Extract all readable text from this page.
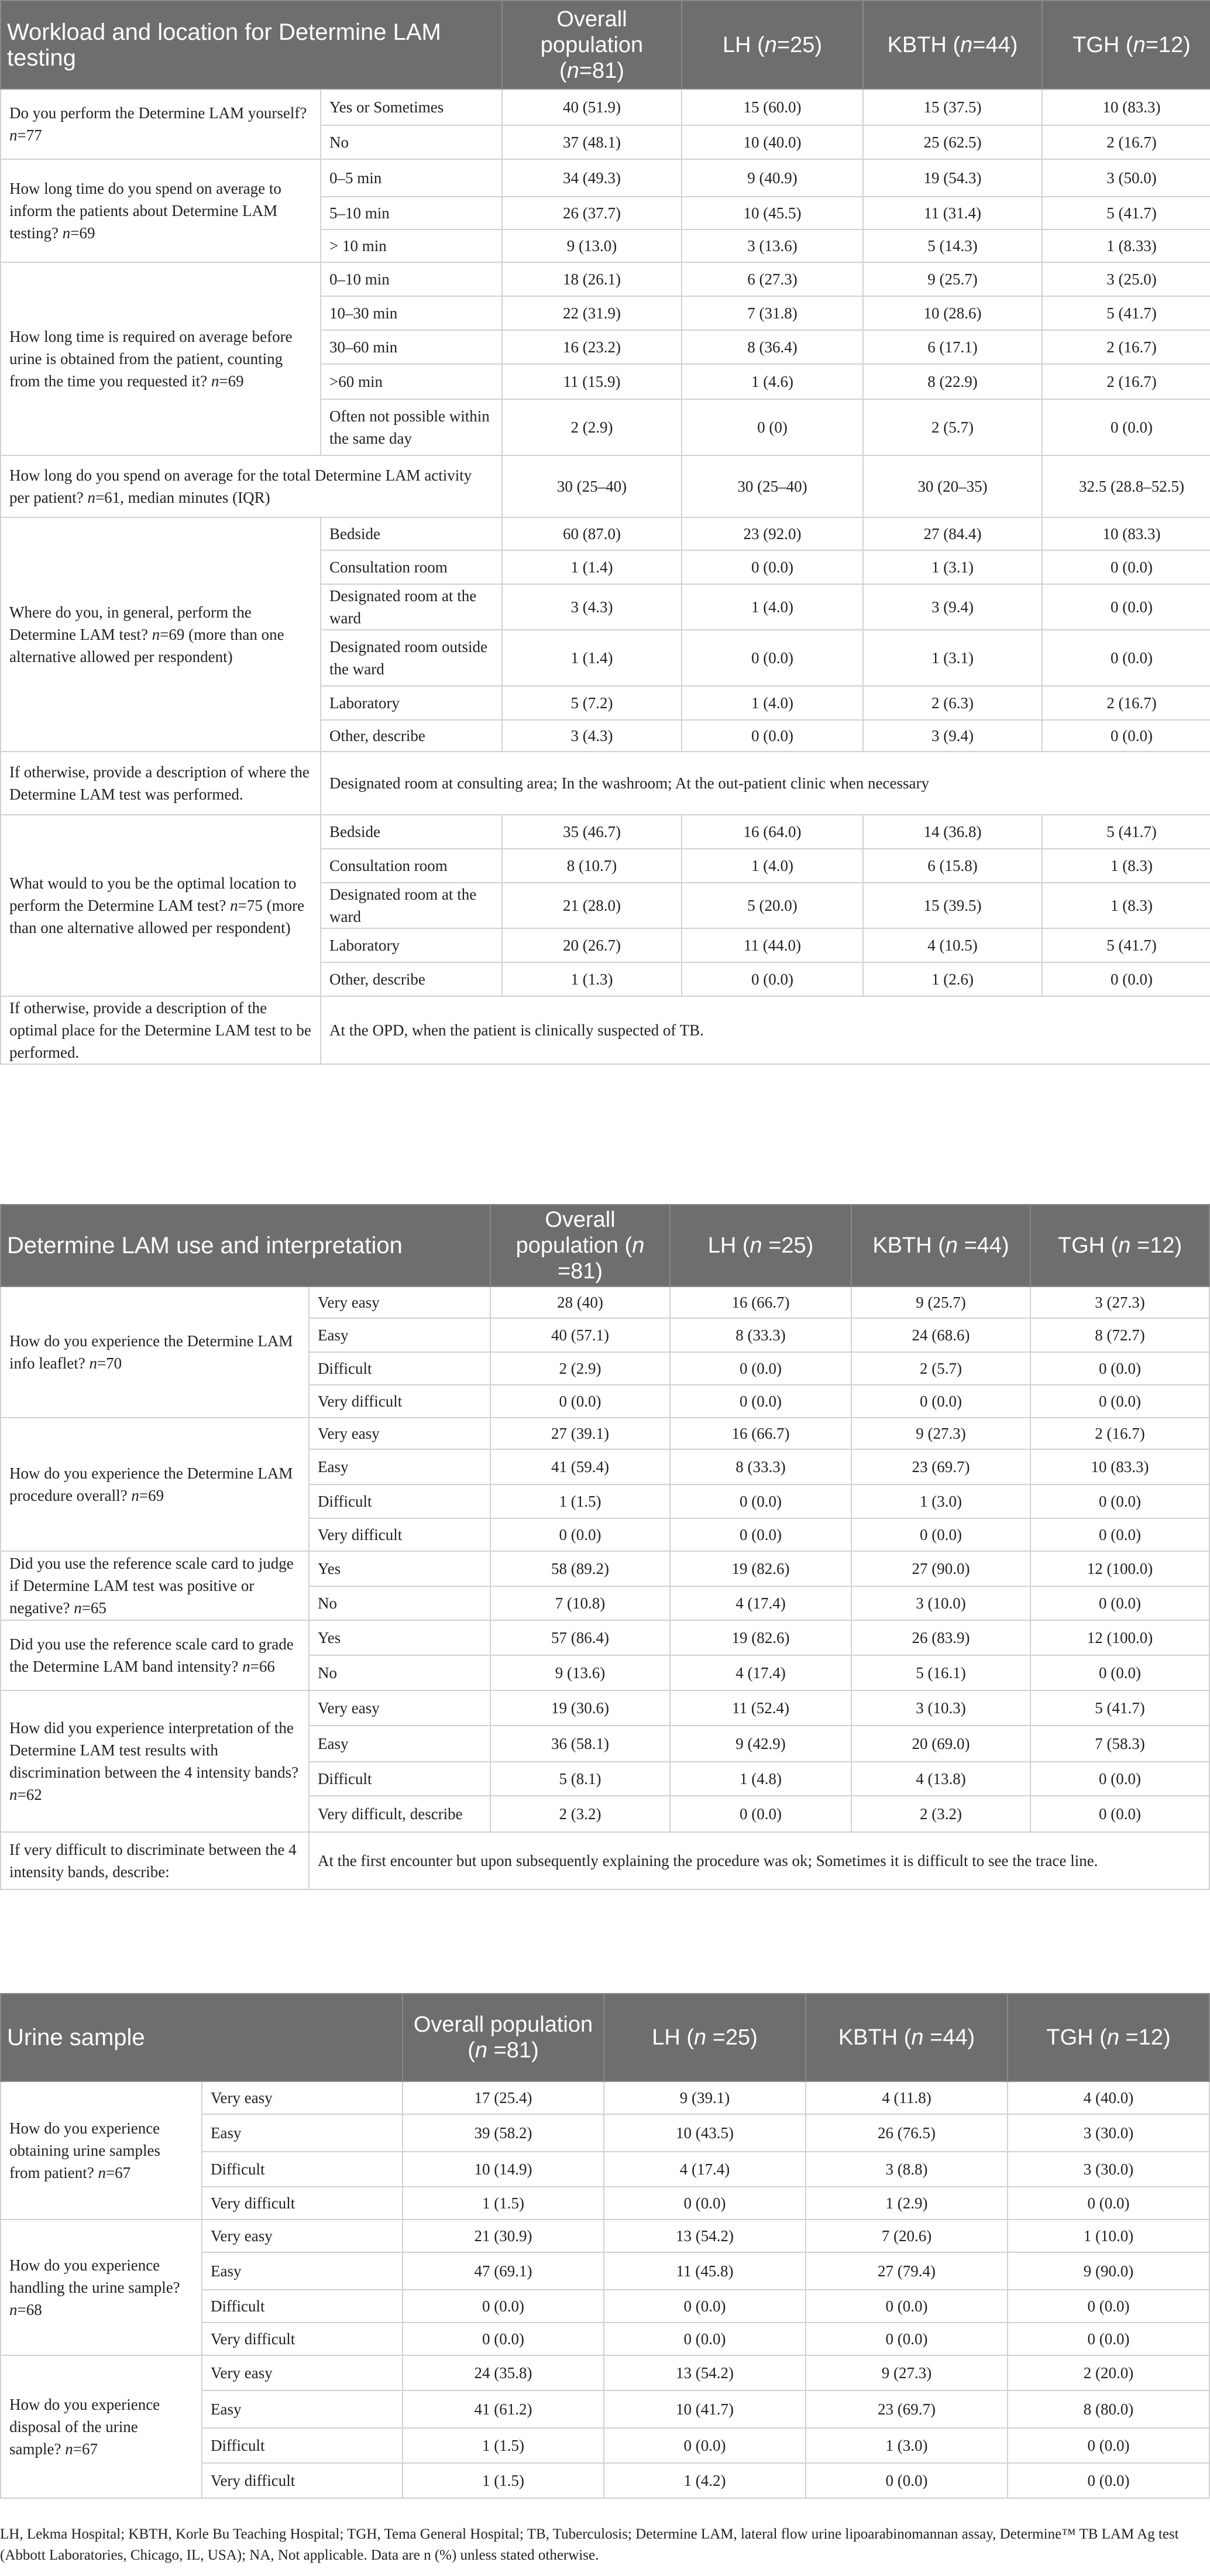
Workload and location for Determine LAM testing		Overall population (n=81)	LH (n=25)	KBTH (n=44)	TGH (n=12)
Do you perform the Determine LAM yourself? n=77	Yes or Sometimes	40 (51.9)	15 (60.0)	15 (37.5)	10 (83.3)
	No	37 (48.1)	10 (40.0)	25 (62.5)	2 (16.7)
How long time do you spend on average to inform the patients about Determine LAM testing? n=69	0–5 min	34 (49.3)	9 (40.9)	19 (54.3)	3 (50.0)
	5–10 min	26 (37.7)	10 (45.5)	11 (31.4)	5 (41.7)
	> 10 min	9 (13.0)	3 (13.6)	5 (14.3)	1 (8.33)
How long time is required on average before urine is obtained from the patient, counting from the time you requested it? n=69	0–10 min	18 (26.1)	6 (27.3)	9 (25.7)	3 (25.0)
	10–30 min	22 (31.9)	7 (31.8)	10 (28.6)	5 (41.7)
	30–60 min	16 (23.2)	8 (36.4)	6 (17.1)	2 (16.7)
	>60 min	11 (15.9)	1 (4.6)	8 (22.9)	2 (16.7)
	Often not possible within the same day	2 (2.9)	0 (0)	2 (5.7)	0 (0.0)
How long do you spend on average for the total Determine LAM activity per patient? n=61, median minutes (IQR)		30 (25–40)	30 (25–40)	30 (20–35)	32.5 (28.8–52.5)
Where do you, in general, perform the Determine LAM test? n=69 (more than one alternative allowed per respondent)	Bedside	60 (87.0)	23 (92.0)	27 (84.4)	10 (83.3)
	Consultation room	1 (1.4)	0 (0.0)	1 (3.1)	0 (0.0)
	Designated room at the ward	3 (4.3)	1 (4.0)	3 (9.4)	0 (0.0)
	Designated room outside the ward	1 (1.4)	0 (0.0)	1 (3.1)	0 (0.0)
	Laboratory	5 (7.2)	1 (4.0)	2 (6.3)	2 (16.7)
	Other, describe	3 (4.3)	0 (0.0)	3 (9.4)	0 (0.0)
If otherwise, provide a description of where the Determine LAM test was performed.	Designated room at consulting area; In the washroom; At the out-patient clinic when necessary				
What would to you be the optimal location to perform the Determine LAM test? n=75 (more than one alternative allowed per respondent)	Bedside	35 (46.7)	16 (64.0)	14 (36.8)	5 (41.7)
	Consultation room	8 (10.7)	1 (4.0)	6 (15.8)	1 (8.3)
	Designated room at the ward	21 (28.0)	5 (20.0)	15 (39.5)	1 (8.3)
	Laboratory	20 (26.7)	11 (44.0)	4 (10.5)	5 (41.7)
	Other, describe	1 (1.3)	0 (0.0)	1 (2.6)	0 (0.0)
If otherwise, provide a description of the optimal place for the Determine LAM test to be performed.	At the OPD, when the patient is clinically suspected of TB.				
Determine LAM use and interpretation		Overall population (n =81)	LH (n =25)	KBTH (n =44)	TGH (n =12)
How do you experience the Determine LAM info leaflet? n=70	Very easy	28 (40)	16 (66.7)	9 (25.7)	3 (27.3)
	Easy	40 (57.1)	8 (33.3)	24 (68.6)	8 (72.7)
	Difficult	2 (2.9)	0 (0.0)	2 (5.7)	0 (0.0)
	Very difficult	0 (0.0)	0 (0.0)	0 (0.0)	0 (0.0)
How do you experience the Determine LAM procedure overall? n=69	Very easy	27 (39.1)	16 (66.7)	9 (27.3)	2 (16.7)
	Easy	41 (59.4)	8 (33.3)	23 (69.7)	10 (83.3)
	Difficult	1 (1.5)	0 (0.0)	1 (3.0)	0 (0.0)
	Very difficult	0 (0.0)	0 (0.0)	0 (0.0)	0 (0.0)
Did you use the reference scale card to judge if Determine LAM test was positive or negative? n=65	Yes	58 (89.2)	19 (82.6)	27 (90.0)	12 (100.0)
	No	7 (10.8)	4 (17.4)	3 (10.0)	0 (0.0)
Did you use the reference scale card to grade the Determine LAM band intensity? n=66	Yes	57 (86.4)	19 (82.6)	26 (83.9)	12 (100.0)
	No	9 (13.6)	4 (17.4)	5 (16.1)	0 (0.0)
How did you experience interpretation of the Determine LAM test results with discrimination between the 4 intensity bands? n=62	Very easy	19 (30.6)	11 (52.4)	3 (10.3)	5 (41.7)
	Easy	36 (58.1)	9 (42.9)	20 (69.0)	7 (58.3)
	Difficult	5 (8.1)	1 (4.8)	4 (13.8)	0 (0.0)
	Very difficult, describe	2 (3.2)	0 (0.0)	2 (3.2)	0 (0.0)
If very difficult to discriminate between the 4 intensity bands, describe:	At the first encounter but upon subsequently explaining the procedure was ok; Sometimes it is difficult to see the trace line.				
Urine sample		Overall population (n =81)	LH (n =25)	KBTH (n =44)	TGH (n =12)
How do you experience obtaining urine samples from patient? n=67	Very easy	17 (25.4)	9 (39.1)	4 (11.8)	4 (40.0)
	Easy	39 (58.2)	10 (43.5)	26 (76.5)	3 (30.0)
	Difficult	10 (14.9)	4 (17.4)	3 (8.8)	3 (30.0)
	Very difficult	1 (1.5)	0 (0.0)	1 (2.9)	0 (0.0)
How do you experience handling the urine sample? n=68	Very easy	21 (30.9)	13 (54.2)	7 (20.6)	1 (10.0)
	Easy	47 (69.1)	11 (45.8)	27 (79.4)	9 (90.0)
	Difficult	0 (0.0)	0 (0.0)	0 (0.0)	0 (0.0)
	Very difficult	0 (0.0)	0 (0.0)	0 (0.0)	0 (0.0)
How do you experience disposal of the urine sample? n=67	Very easy	24 (35.8)	13 (54.2)	9 (27.3)	2 (20.0)
	Easy	41 (61.2)	10 (41.7)	23 (69.7)	8 (80.0)
	Difficult	1 (1.5)	0 (0.0)	1 (3.0)	0 (0.0)
	Very difficult	1 (1.5)	1 (4.2)	0 (0.0)	0 (0.0)
LH, Lekma Hospital; KBTH, Korle Bu Teaching Hospital; TGH, Tema General Hospital; TB, Tuberculosis; Determine LAM, lateral flow urine lipoarabinomannan assay, Determine™ TB LAM Ag test (Abbott Laboratories, Chicago, IL, USA); NA, Not applicable. Data are n (%) unless stated otherwise.
